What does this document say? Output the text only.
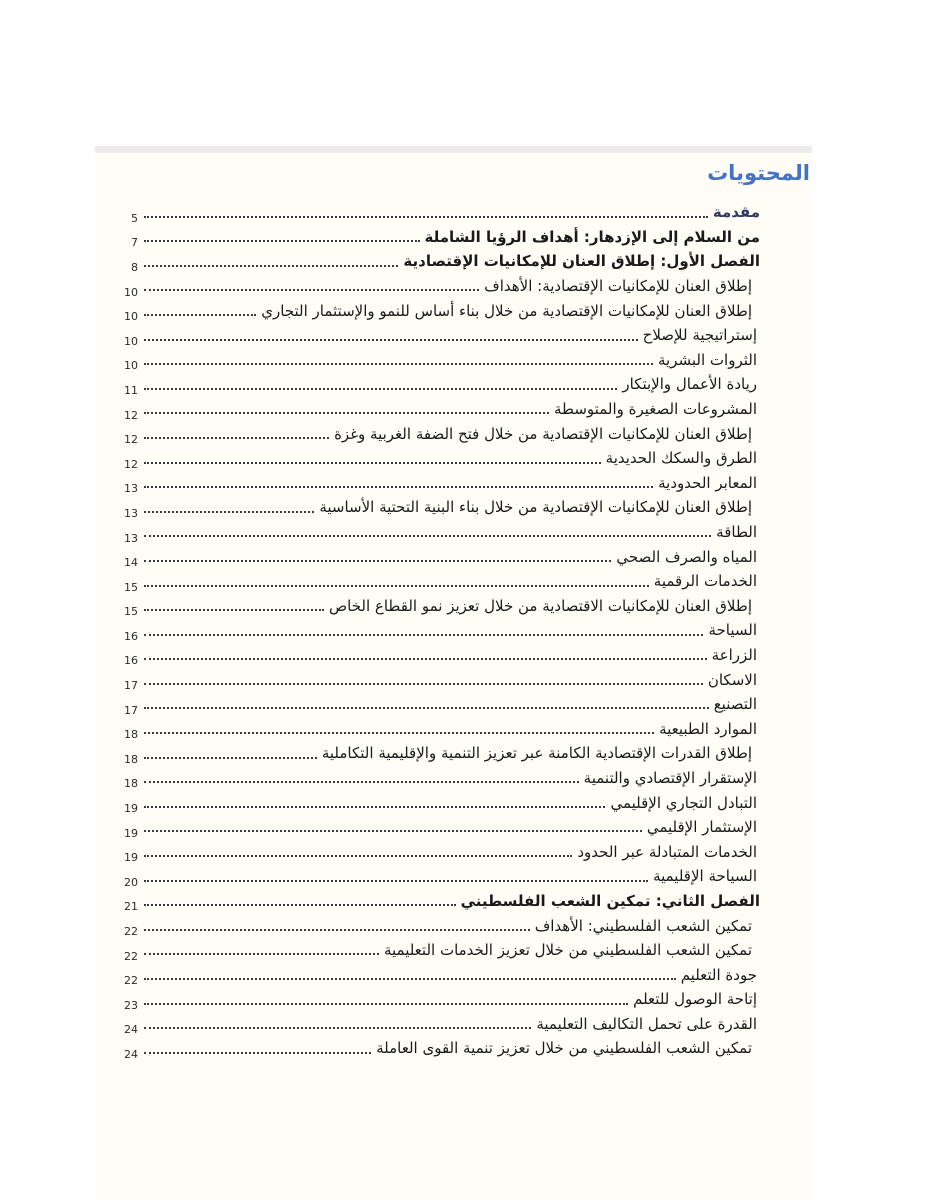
المحتويات
مقدمة
5
من السلام إلى الإزدهار: أهداف الرؤيا الشاملة
7
الفصل الأول: إطلاق العنان للإمكانيات الإقتصادية
8
إطلاق العنان للإمكانيات الإقتصادية: الأهداف
10
إطلاق العنان للإمكانيات الإقتصادية من خلال بناء أساس للنمو والإستثمار التجاري
10
إستراتيجية للإصلاح
10
الثروات البشرية
10
ريادة الأعمال والإبتكار
11
المشروعات الصغيرة والمتوسطة
12
إطلاق العنان للإمكانيات الإقتصادية من خلال فتح الضفة الغربية وغزة
12
الطرق والسكك الحديدية
12
المعابر الحدودية
13
إطلاق العنان للإمكانيات الإقتصادية من خلال بناء البنية التحتية الأساسية
13
الطاقة
13
المياه والصرف الصحي
14
الخدمات الرقمية
15
إطلاق العنان للإمكانيات الاقتصادية من خلال تعزيز نمو القطاع الخاص
15
السياحة
16
الزراعة
16
الاسكان
17
التصنيع
17
الموارد الطبيعية
18
إطلاق القدرات الإقتصادية الكامنة عبر تعزيز التنمية والإقليمية التكاملية
18
الإستقرار الإقتصادي والتنمية
18
التبادل التجاري الإقليمي
19
الإستثمار الإقليمي
19
الخدمات المتبادلة عبر الحدود
19
السياحة الإقليمية
20
الفصل الثاني: تمكين الشعب الفلسطيني
21
تمكين الشعب الفلسطيني: الأهداف
22
تمكين الشعب الفلسطيني من خلال تعزيز الخدمات التعليمية
22
جودة التعليم
22
إتاحة الوصول للتعلم
23
القدرة على تحمل التكاليف التعليمية
24
تمكين الشعب الفلسطيني من خلال تعزيز تنمية القوى العاملة
24
